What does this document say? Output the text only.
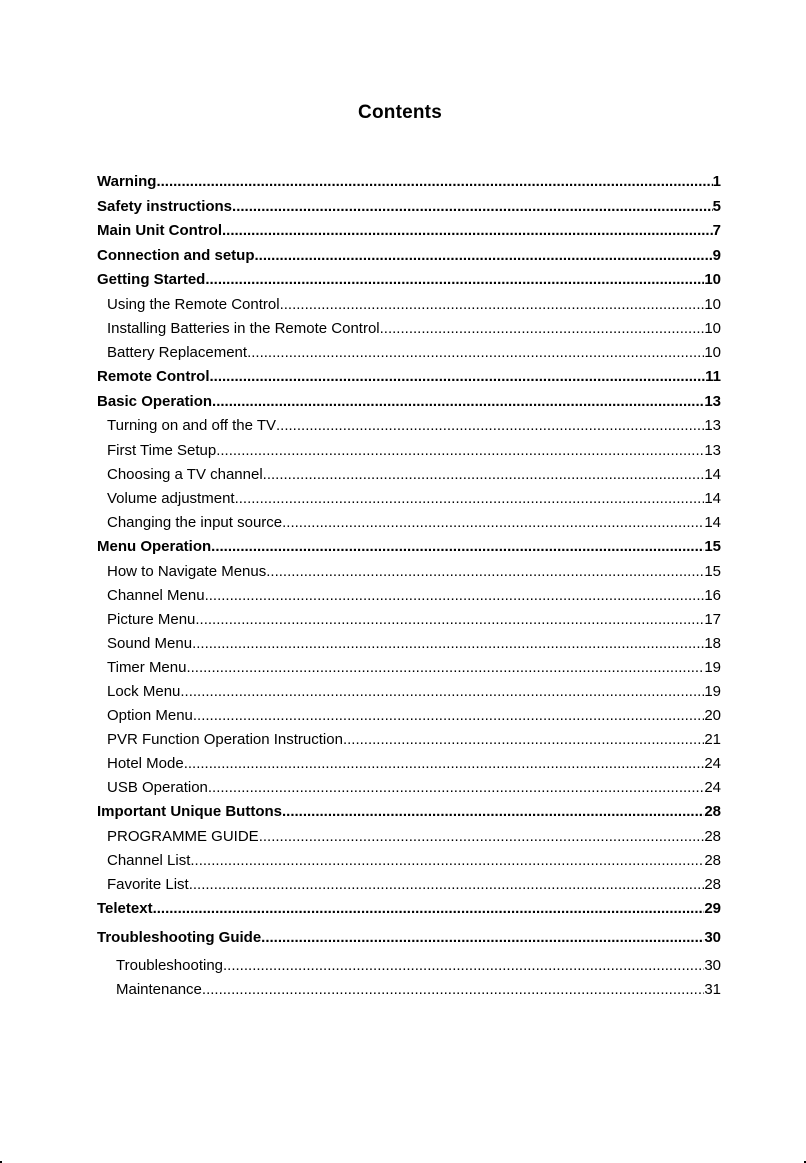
Contents
Warning .....	1
Safety instructions .....	5
Main Unit Control .....	7
Connection and setup .....	9
Getting Started .....	10
Using the Remote Control .....	10
Installing Batteries in the Remote Control .....	10
Battery Replacement .....	10
Remote Control .....	11
Basic Operation .....	13
Turning on and off the TV .....	13
First Time Setup .....	13
Choosing a TV channel .....	14
Volume adjustment .....	14
Changing the input source .....	14
Menu Operation .....	15
How to Navigate Menus .....	15
Channel Menu .....	16
Picture Menu .....	17
Sound Menu .....	18
Timer Menu .....	19
Lock Menu .....	19
Option Menu .....	20
PVR Function Operation Instruction .....	21
Hotel Mode .....	24
USB Operation .....	24
Important Unique Buttons .....	28
PROGRAMME GUIDE .....	28
Channel List .....	28
Favorite List .....	28
Teletext .....	29
Troubleshooting Guide .....	30
Troubleshooting .....	30
Maintenance .....	31
